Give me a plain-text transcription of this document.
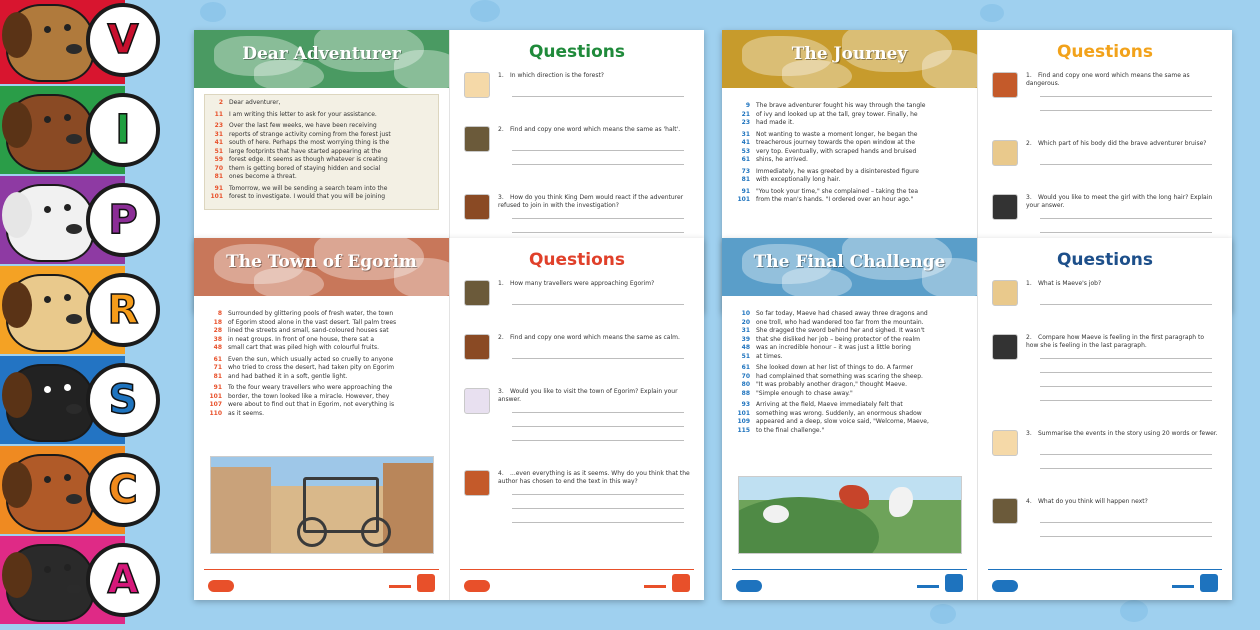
Dear Adventurer
2	Dear adventurer,
11	I am writing this letter to ask for your assistance.
23	Over the last few weeks, we have been receiving
31	reports of strange activity coming from the forest just
41	south of here. Perhaps the most worrying thing is the
51	large footprints that have started appearing at the
59	forest edge. It seems as though whatever is creating
70	them is getting bored of staying hidden and social
81	ones become a threat.
91	Tomorrow, we will be sending a search team into the
101	forest to investigate. I would that you will be joining
Questions
1. In which direction is the forest?
2. Find and copy one word which means the same as 'halt'.
3. How do you think King Dem would react if the adventurer refused to join in with the investigation?
The Journey
9	The brave adventurer fought his way through the tangle
21	of ivy and looked up at the tall, grey tower. Finally, he
23	had made it.
31	Not wanting to waste a moment longer, he began the
41	treacherous journey towards the open window at the
53	very top. Eventually, with scraped hands and bruised
61	shins, he arrived.
73	Immediately, he was greeted by a disinterested figure
81	with exceptionally long hair.
91	"You took your time," she complained – taking the tea
101	from the man's hands. "I ordered over an hour ago."
Questions
1. Find and copy one word which means the same as dangerous.
2. Which part of his body did the brave adventurer bruise?
3. Would you like to meet the girl with the long hair? Explain your answer.
The Town of Egorim
8	Surrounded by glittering pools of fresh water, the town
18	of Egorim stood alone in the vast desert. Tall palm trees
28	lined the streets and small, sand-coloured houses sat
38	in neat groups. In front of one house, there sat a
48	small cart that was piled high with colourful fruits.
61	Even the sun, which usually acted so cruelly to anyone
71	who tried to cross the desert, had taken pity on Egorim
81	and had bathed it in a soft, gentle light.
91	To the four weary travellers who were approaching the
101	border, the town looked like a miracle. However, they
107	were about to find out that in Egorim, not everything is
110	as it seems.
Questions
1. How many travellers were approaching Egorim?
2. Find and copy one word which means the same as calm.
3. Would you like to visit the town of Egorim? Explain your answer.
4. ...even everything is as it seems. Why do you think that the author has chosen to end the text in this way?
The Final Challenge
10	So far today, Maeve had chased away three dragons and
20	one troll, who had wandered too far from the mountain.
31	She dragged the sword behind her and sighed. It wasn't
39	that she disliked her job – being protector of the realm
48	was an incredible honour – it was just a little boring
51	at times.
61	She looked down at her list of things to do. A farmer
70	had complained that something was scaring the sheep.
80	"It was probably another dragon," thought Maeve.
88	"Simple enough to chase away."
93	Arriving at the field, Maeve immediately felt that
101	something was wrong. Suddenly, an enormous shadow
109	appeared and a deep, slow voice said, "Welcome, Maeve,
115	to the final challenge."
Questions
1. What is Maeve's job?
2. Compare how Maeve is feeling in the first paragraph to how she is feeling in the last paragraph.
3. Summarise the events in the story using 20 words or fewer.
4. What do you think will happen next?
V
I
P
R
S
C
A
